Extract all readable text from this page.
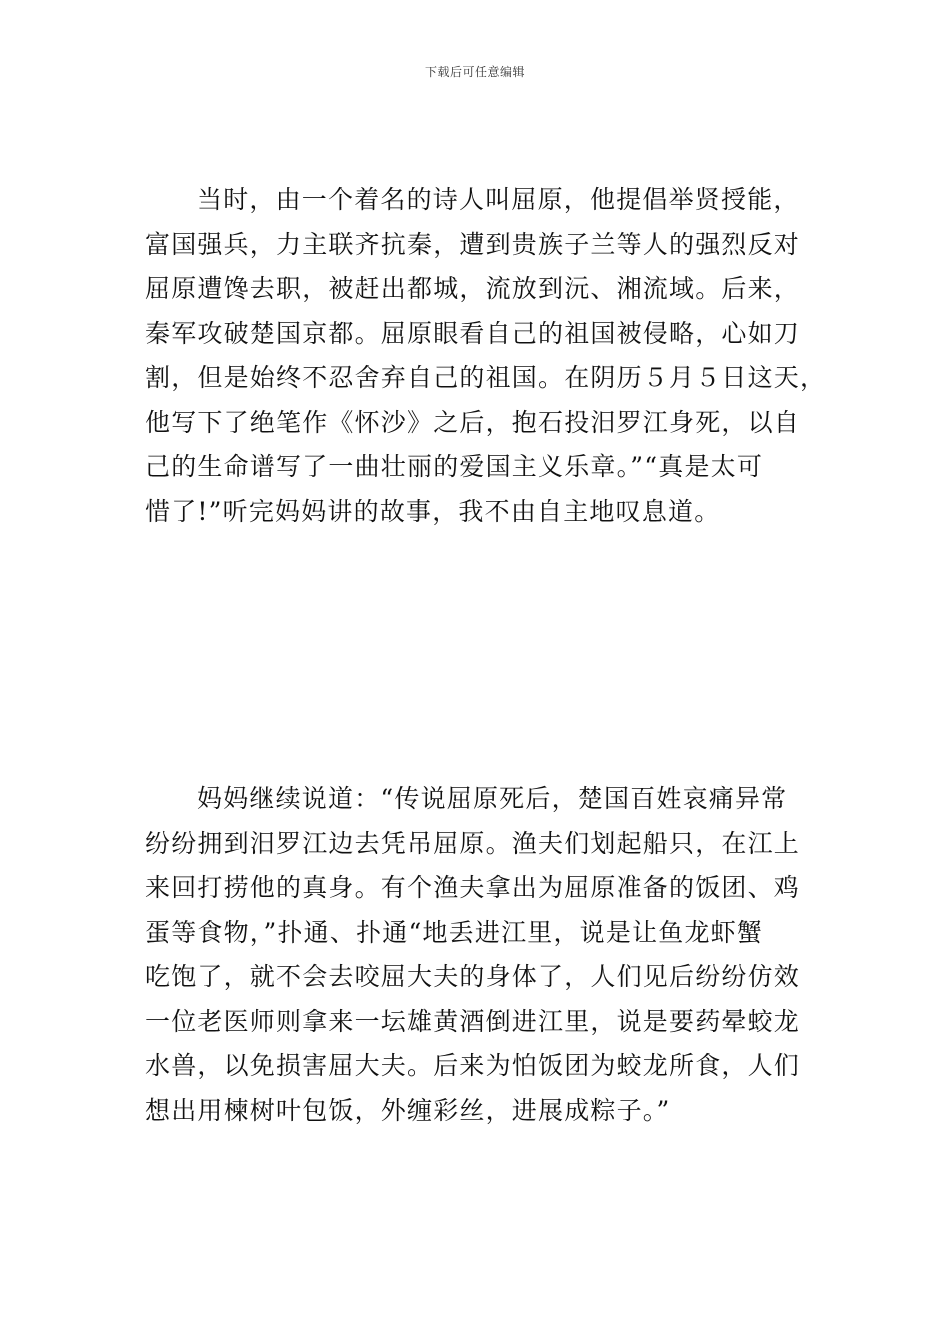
下载后可任意编辑
当时，由一个着名的诗人叫屈原，他提倡举贤授能，
富国强兵，力主联齐抗秦，遭到贵族子兰等人的强烈反对
屈原遭馋去职，被赶出都城，流放到沅、湘流域。后来，
秦军攻破楚国京都。屈原眼看自己的祖国被侵略，心如刀
割，但是始终不忍舍弃自己的祖国。在阴历５月５日这天，
他写下了绝笔作《怀沙》之后，抱石投汨罗江身死，以自
己的生命谱写了一曲壮丽的爱国主义乐章。”“真是太可
惜了!”听完妈妈讲的故事，我不由自主地叹息道。
妈妈继续说道：“传说屈原死后，楚国百姓哀痛异常
纷纷拥到汨罗江边去凭吊屈原。渔夫们划起船只，在江上
来回打捞他的真身。有个渔夫拿出为屈原准备的饭团、鸡
蛋等食物，”扑通、扑通“地丢进江里，说是让鱼龙虾蟹
吃饱了，就不会去咬屈大夫的身体了，人们见后纷纷仿效
一位老医师则拿来一坛雄黄酒倒进江里，说是要药晕蛟龙
水兽，以免损害屈大夫。后来为怕饭团为蛟龙所食，人们
想出用楝树叶包饭，外缠彩丝，进展成粽子。”
